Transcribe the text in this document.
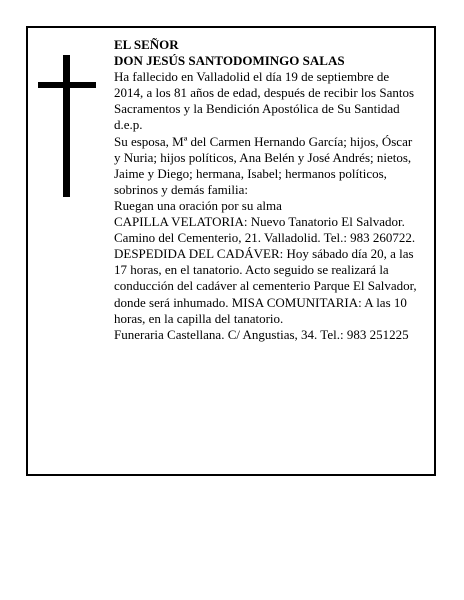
EL SEÑOR

DON JESÚS SANTODOMINGO SALAS

Ha fallecido en Valladolid el día 19 de septiembre de 2014, a los 81 años de edad, después de recibir los Santos Sacramentos y la Bendición Apostólica de Su Santidad

d.e.p.

Su esposa, Mª del Carmen Hernando García; hijos, Óscar y Nuria; hijos políticos, Ana Belén y José Andrés; nietos, Jaime y Diego; hermana, Isabel; hermanos políticos, sobrinos y demás familia:

Ruegan una oración por su alma

CAPILLA VELATORIA: Nuevo Tanatorio El Salvador. Camino del Cementerio, 21. Valladolid. Tel.: 983 260722.

DESPEDIDA DEL CADÁVER: Hoy sábado día 20, a las 17 horas, en el tanatorio. Acto seguido se realizará la conducción del cadáver al cementerio Parque El Salvador, donde será inhumado. MISA COMUNITARIA: A las 10 horas, en la capilla del tanatorio.

Funeraria Castellana. C/ Angustias, 34. Tel.: 983 251225
